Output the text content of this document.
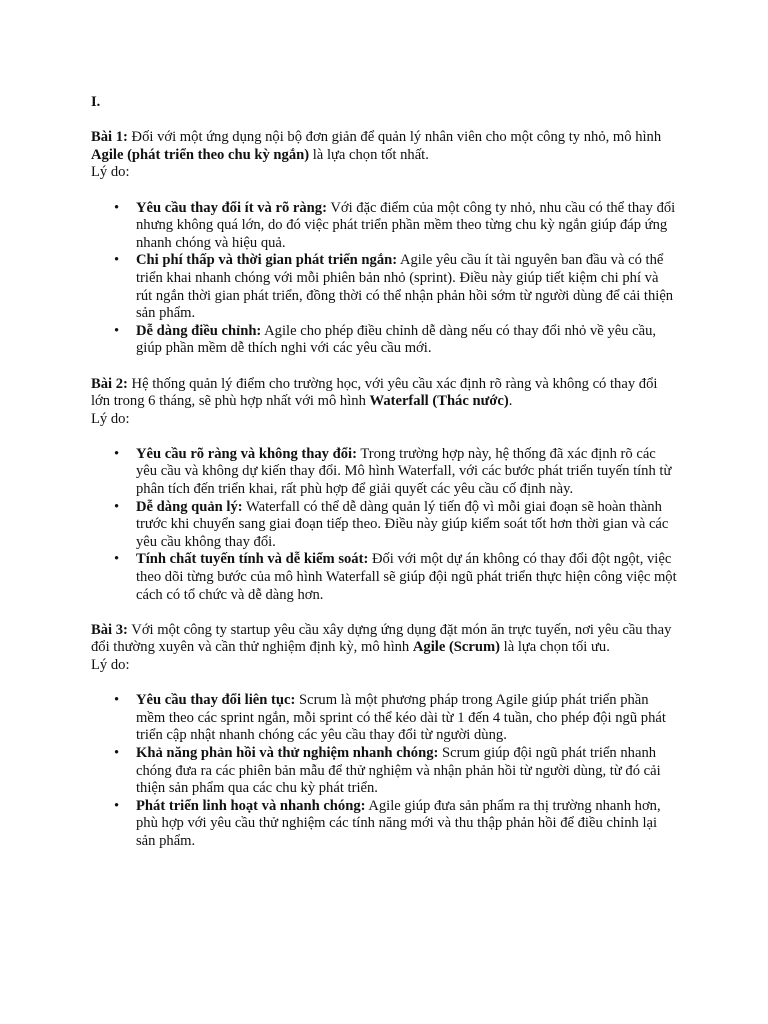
I.

Bài 1: Đối với một ứng dụng nội bộ đơn giản để quản lý nhân viên cho một công ty nhỏ, mô hình Agile (phát triển theo chu kỳ ngắn) là lựa chọn tốt nhất.

Lý do:

• Yêu cầu thay đổi ít và rõ ràng: Với đặc điểm của một công ty nhỏ, nhu cầu có thể thay đổi nhưng không quá lớn, do đó việc phát triển phần mềm theo từng chu kỳ ngắn giúp đáp ứng nhanh chóng và hiệu quả.
• Chi phí thấp và thời gian phát triển ngắn: Agile yêu cầu ít tài nguyên ban đầu và có thể triển khai nhanh chóng với mỗi phiên bản nhỏ (sprint). Điều này giúp tiết kiệm chi phí và rút ngắn thời gian phát triển, đồng thời có thể nhận phản hồi sớm từ người dùng để cải thiện sản phẩm.
• Dễ dàng điều chỉnh: Agile cho phép điều chỉnh dễ dàng nếu có thay đổi nhỏ về yêu cầu, giúp phần mềm dễ thích nghi với các yêu cầu mới.

Bài 2: Hệ thống quản lý điểm cho trường học, với yêu cầu xác định rõ ràng và không có thay đổi lớn trong 6 tháng, sẽ phù hợp nhất với mô hình Waterfall (Thác nước).

Lý do:

• Yêu cầu rõ ràng và không thay đổi: Trong trường hợp này, hệ thống đã xác định rõ các yêu cầu và không dự kiến thay đổi. Mô hình Waterfall, với các bước phát triển tuyến tính từ phân tích đến triển khai, rất phù hợp để giải quyết các yêu cầu cố định này.
• Dễ dàng quản lý: Waterfall có thể dễ dàng quản lý tiến độ vì mỗi giai đoạn sẽ hoàn thành trước khi chuyển sang giai đoạn tiếp theo. Điều này giúp kiểm soát tốt hơn thời gian và các yêu cầu không thay đổi.
• Tính chất tuyến tính và dễ kiểm soát: Đối với một dự án không có thay đổi đột ngột, việc theo dõi từng bước của mô hình Waterfall sẽ giúp đội ngũ phát triển thực hiện công việc một cách có tổ chức và dễ dàng hơn.

Bài 3: Với một công ty startup yêu cầu xây dựng ứng dụng đặt món ăn trực tuyến, nơi yêu cầu thay đổi thường xuyên và cần thử nghiệm định kỳ, mô hình Agile (Scrum) là lựa chọn tối ưu.

Lý do:

• Yêu cầu thay đổi liên tục: Scrum là một phương pháp trong Agile giúp phát triển phần mềm theo các sprint ngắn, mỗi sprint có thể kéo dài từ 1 đến 4 tuần, cho phép đội ngũ phát triển cập nhật nhanh chóng các yêu cầu thay đổi từ người dùng.
• Khả năng phản hồi và thử nghiệm nhanh chóng: Scrum giúp đội ngũ phát triển nhanh chóng đưa ra các phiên bản mẫu để thử nghiệm và nhận phản hồi từ người dùng, từ đó cải thiện sản phẩm qua các chu kỳ phát triển.
• Phát triển linh hoạt và nhanh chóng: Agile giúp đưa sản phẩm ra thị trường nhanh hơn, phù hợp với yêu cầu thử nghiệm các tính năng mới và thu thập phản hồi để điều chỉnh lại sản phẩm.
